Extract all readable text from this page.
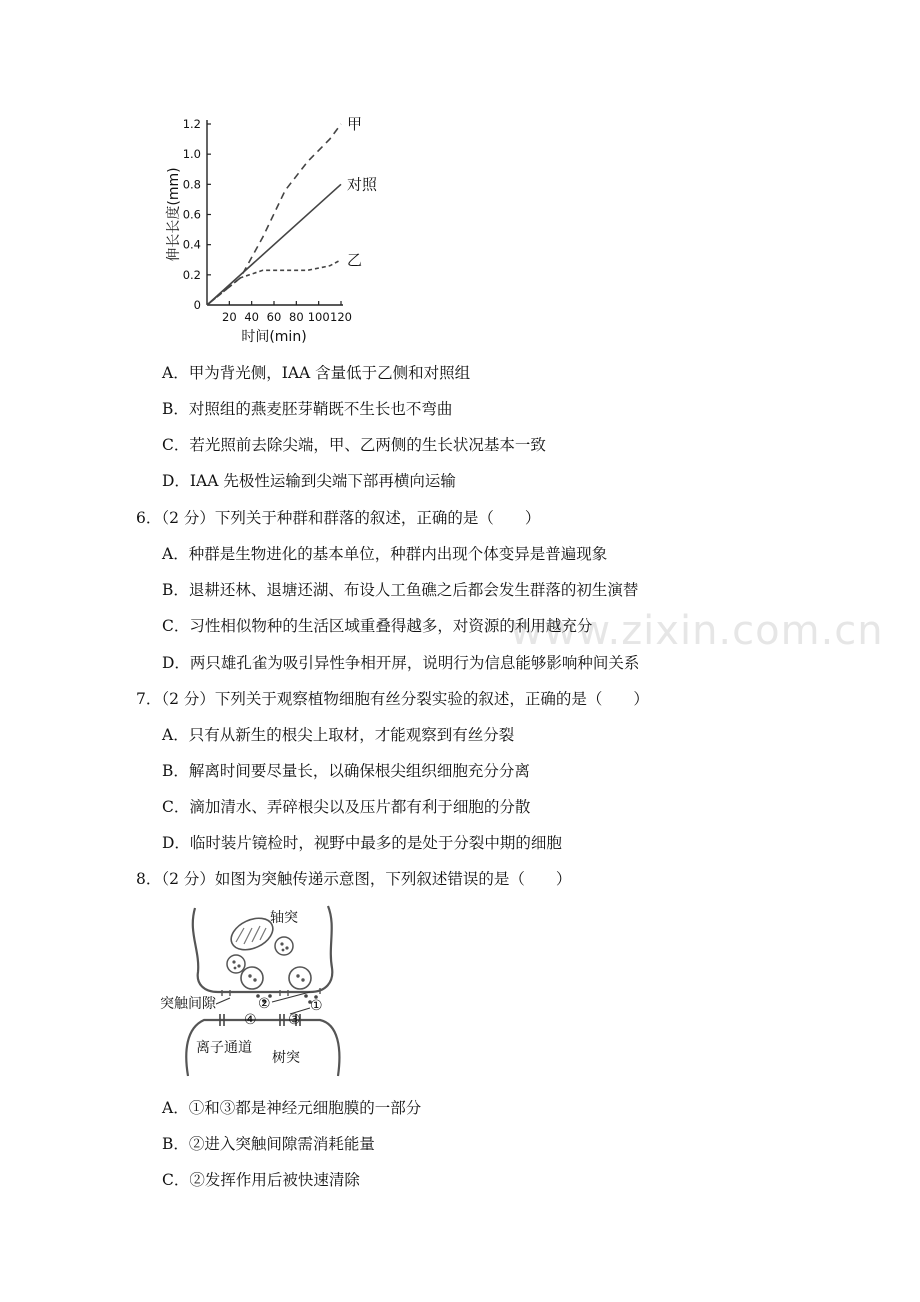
www.zixin.com.cn
0
0.2
0.4
0.6
0.8
1.0
1.2
20 40 60 80 100 120
时间(min)
伸长长度(mm)
甲
对照
乙
A．甲为背光侧，IAA 含量低于乙侧和对照组
B．对照组的燕麦胚芽鞘既不生长也不弯曲
C．若光照前去除尖端，甲、乙两侧的生长状况基本一致
D．IAA 先极性运输到尖端下部再横向运输
6．（2 分）下列关于种群和群落的叙述，正确的是（　　）
A．种群是生物进化的基本单位，种群内出现个体变异是普遍现象
B．退耕还林、退塘还湖、布设人工鱼礁之后都会发生群落的初生演替
C．习性相似物种的生活区域重叠得越多，对资源的利用越充分
D．两只雄孔雀为吸引异性争相开屏，说明行为信息能够影响种间关系
7．（2 分）下列关于观察植物细胞有丝分裂实验的叙述，正确的是（　　）
A．只有从新生的根尖上取材，才能观察到有丝分裂
B．解离时间要尽量长，以确保根尖组织细胞充分分离
C．滴加清水、弄碎根尖以及压片都有利于细胞的分散
D．临时装片镜检时，视野中最多的是处于分裂中期的细胞
8．（2 分）如图为突触传递示意图，下列叙述错误的是（　　）
轴突
突触间隙
离子通道
树突
①
②
③
④
A．①和③都是神经元细胞膜的一部分
B．②进入突触间隙需消耗能量
C．②发挥作用后被快速清除
